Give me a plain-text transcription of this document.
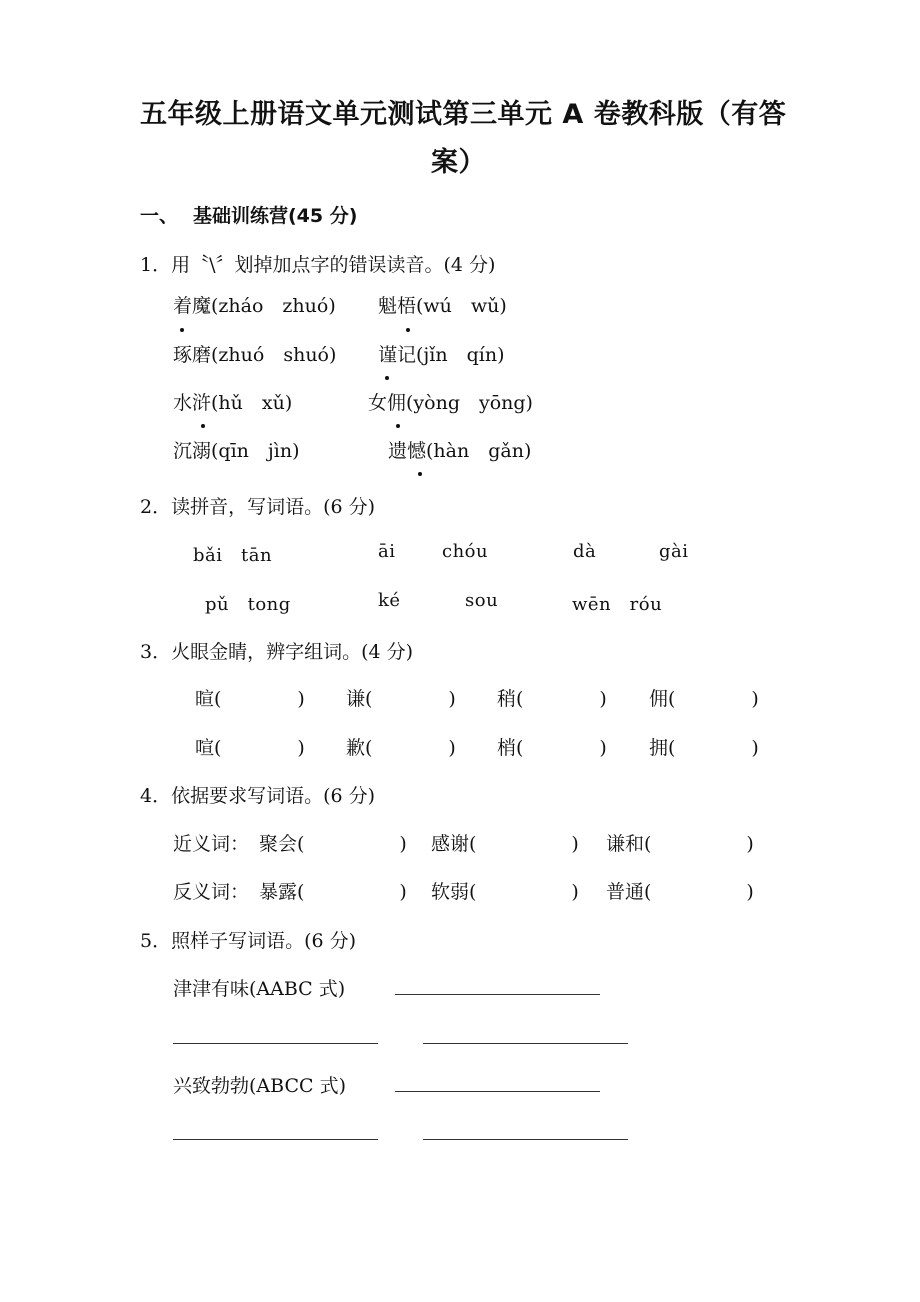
五年级上册语文单元测试第三单元 A 卷教科版（有答
案）
一、 基础训练营(45 分)
1．用〝\〞划掉加点字的错误读音。(4 分)
着魔(zháo　zhuó) 魁梧(wú　wǔ)
琢磨(zhuó　shuó) 谨记(jǐn　qín)
水浒(hǔ　xǔ)	女佣(yòng　yōng)
沉溺(qīn　jìn)	遗憾(hàn　gǎn)
2．读拼音，写词语。(6 分)
bǎi　tān	āi	chóu	dà	gài
pǔ　tong	ké	sou	wēn　róu
3．火眼金睛，辨字组词。(4 分)
暄(　　　　) 谦(　　　　) 稍(　　　　) 佣(　　　　)
喧(　　　　) 歉(　　　　) 梢(　　　　) 拥(　　　　)
4．依据要求写词语。(6 分)
近义词： 聚会(　　　　　) 感谢(　　　　　) 谦和(　　　　　)
反义词： 暴露(　　　　　) 软弱(　　　　　) 普通(　　　　　)
5．照样子写词语。(6 分)
津津有味(AABC 式)
兴致勃勃(ABCC 式)
